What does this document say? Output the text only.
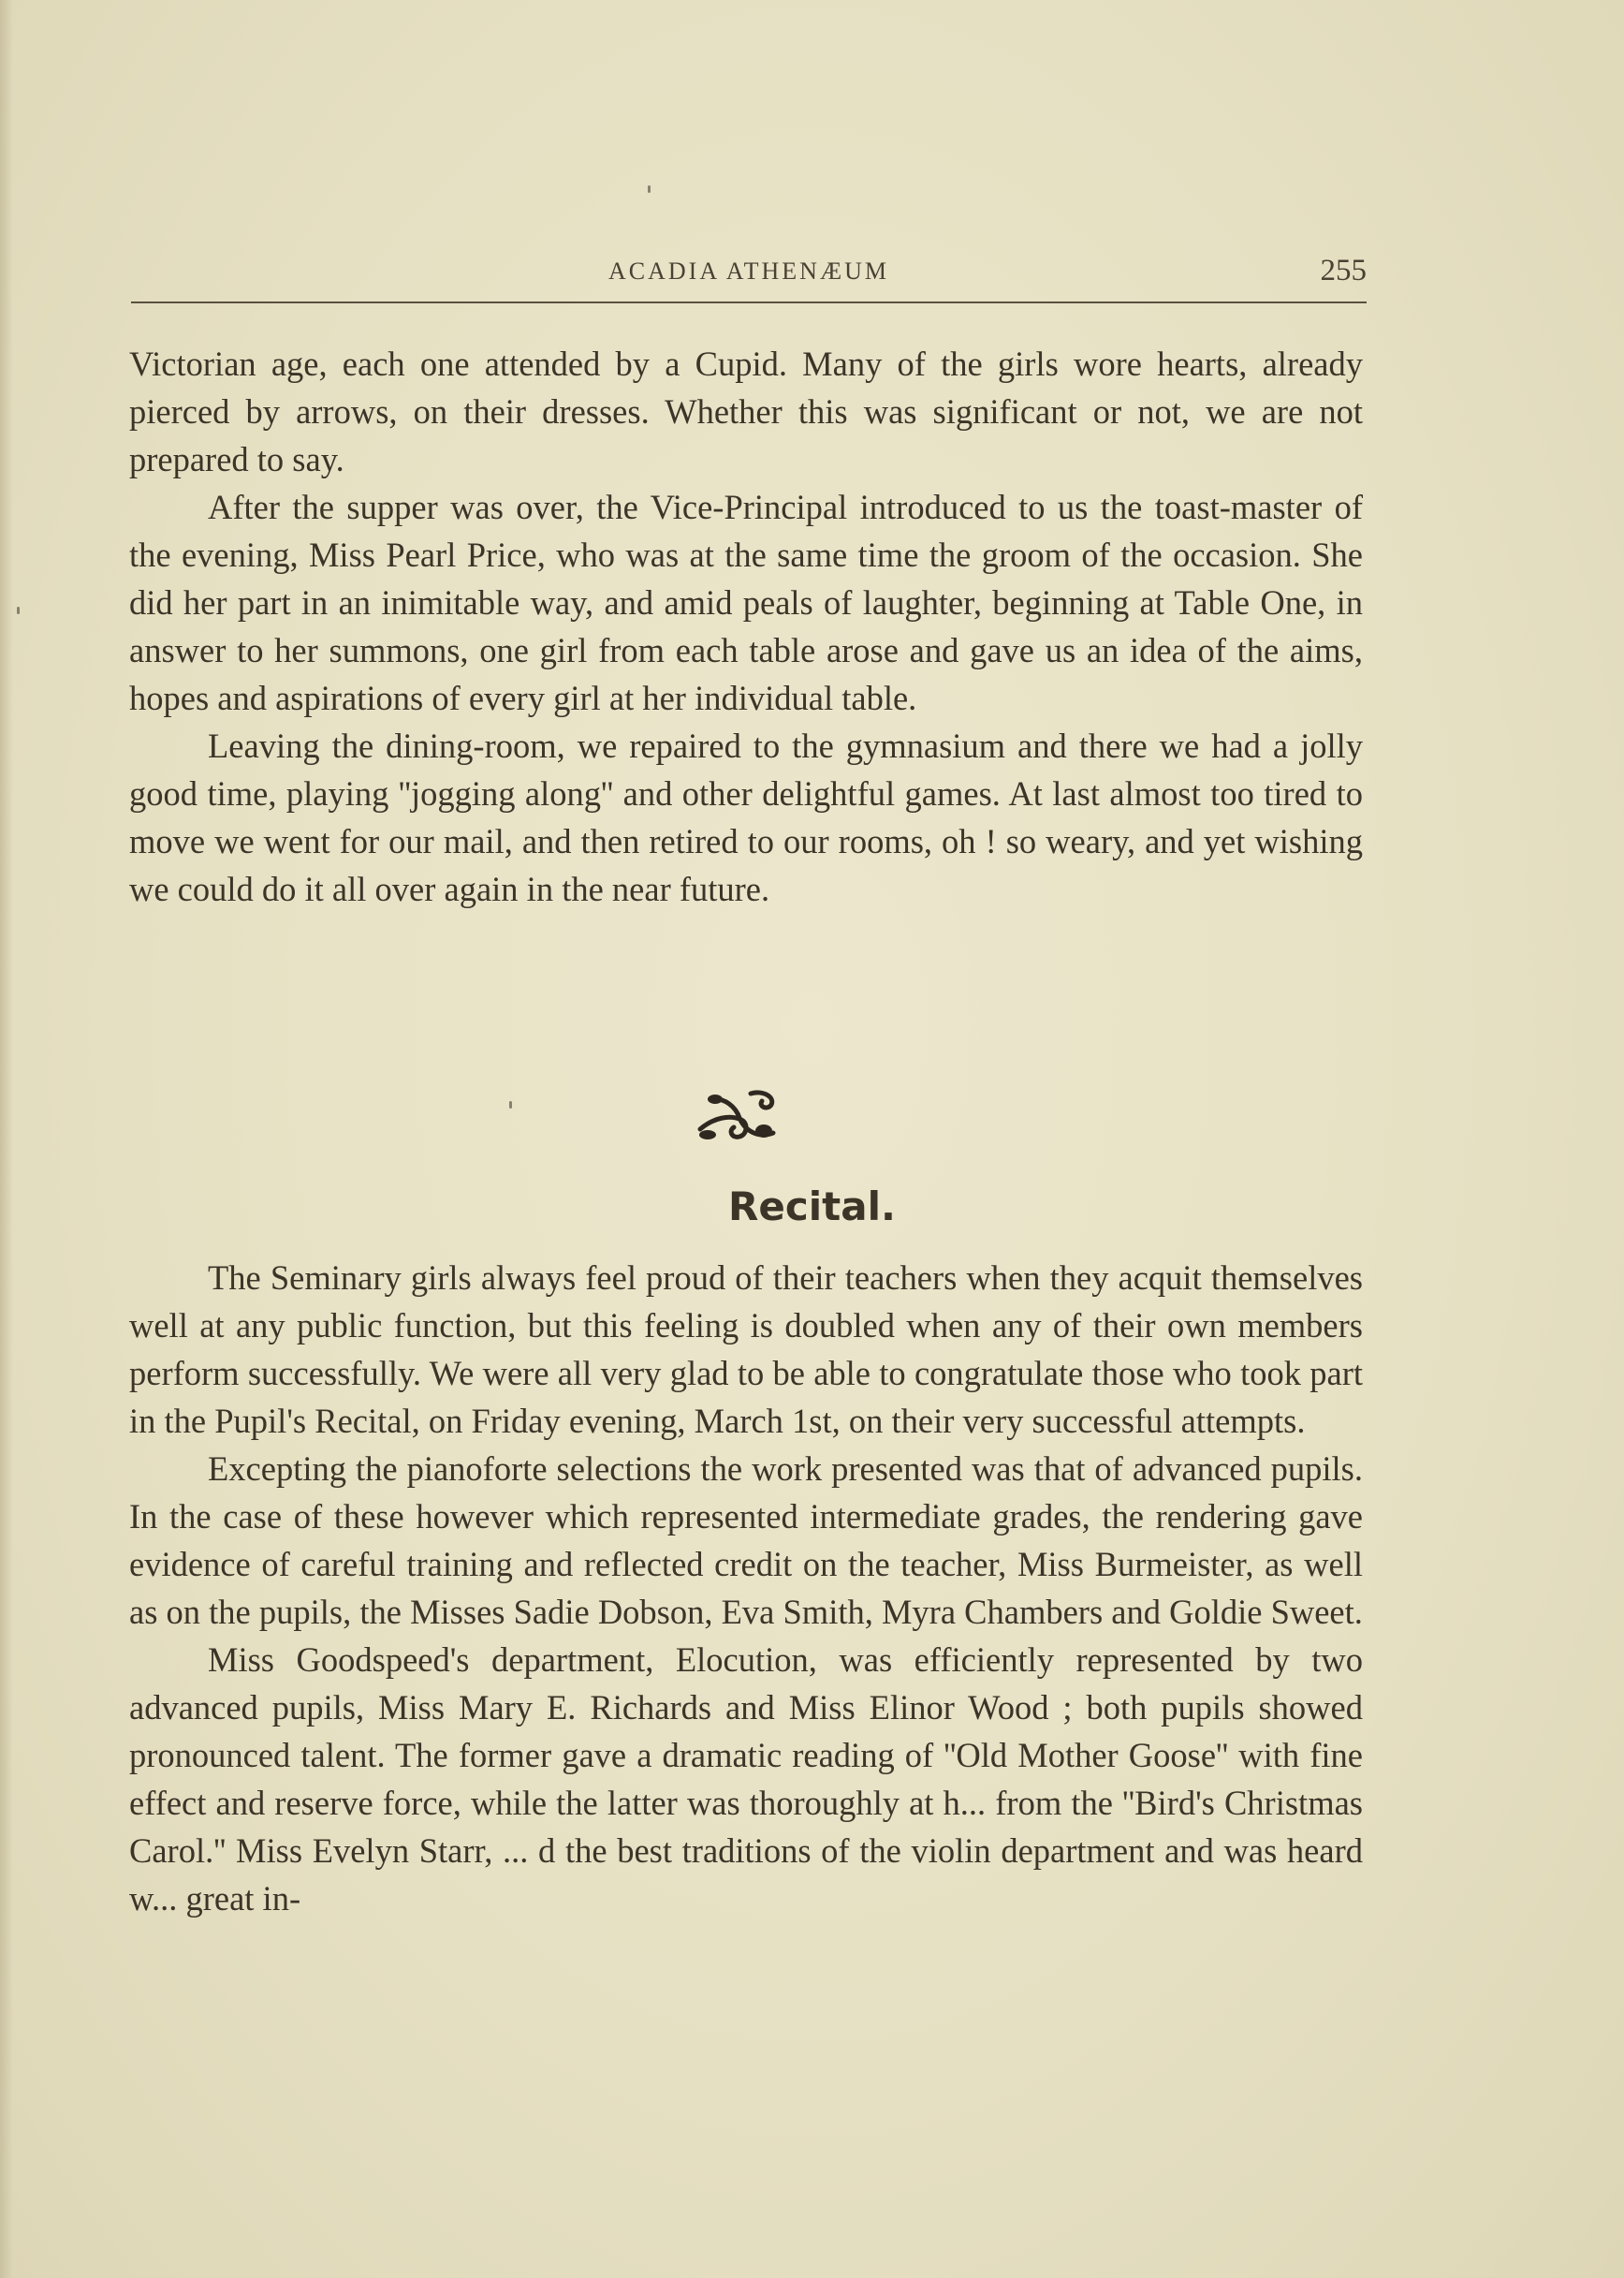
ACADIA ATHENÆUM	255

Victorian age, each one attended by a Cupid. Many of the girls wore hearts, already pierced by arrows, on their dresses. Whether this was significant or not, we are not prepared to say.

After the supper was over, the Vice-Principal introduced to us the toast-master of the evening, Miss Pearl Price, who was at the same time the groom of the occasion. She did her part in an inimitable way, and amid peals of laughter, beginning at Table One, in answer to her summons, one girl from each table arose and gave us an idea of the aims, hopes and aspirations of every girl at her individual table.

Leaving the dining-room, we repaired to the gymnasium and there we had a jolly good time, playing ''jogging along'' and other delightful games. At last almost too tired to move we went for our mail, and then retired to our rooms, oh ! so weary, and yet wishing we could do it all over again in the near future.

Recital.

The Seminary girls always feel proud of their teachers when they acquit themselves well at any public function, but this feeling is doubled when any of their own members perform successfully. We were all very glad to be able to congratulate those who took part in the Pupil's Recital, on Friday evening, March 1st, on their very successful attempts.

Excepting the pianoforte selections the work presented was that of advanced pupils. In the case of these however which represented intermediate grades, the rendering gave evidence of careful training and reflected credit on the teacher, Miss Burmeister, as well as on the pupils, the Misses Sadie Dobson, Eva Smith, Myra Chambers and Goldie Sweet.

Miss Goodspeed's department, Elocution, was efficiently represented by two advanced pupils, Miss Mary E. Richards and Miss Elinor Wood ; both pupils showed pronounced talent. The former gave a dramatic reading of ''Old Mother Goose'' with fine effect and reserve force, while the latter was thoroughly at h... from the ''Bird's Christmas Carol.'' Miss Evelyn Starr, ... d the best traditions of the violin department and was heard w... great in-
